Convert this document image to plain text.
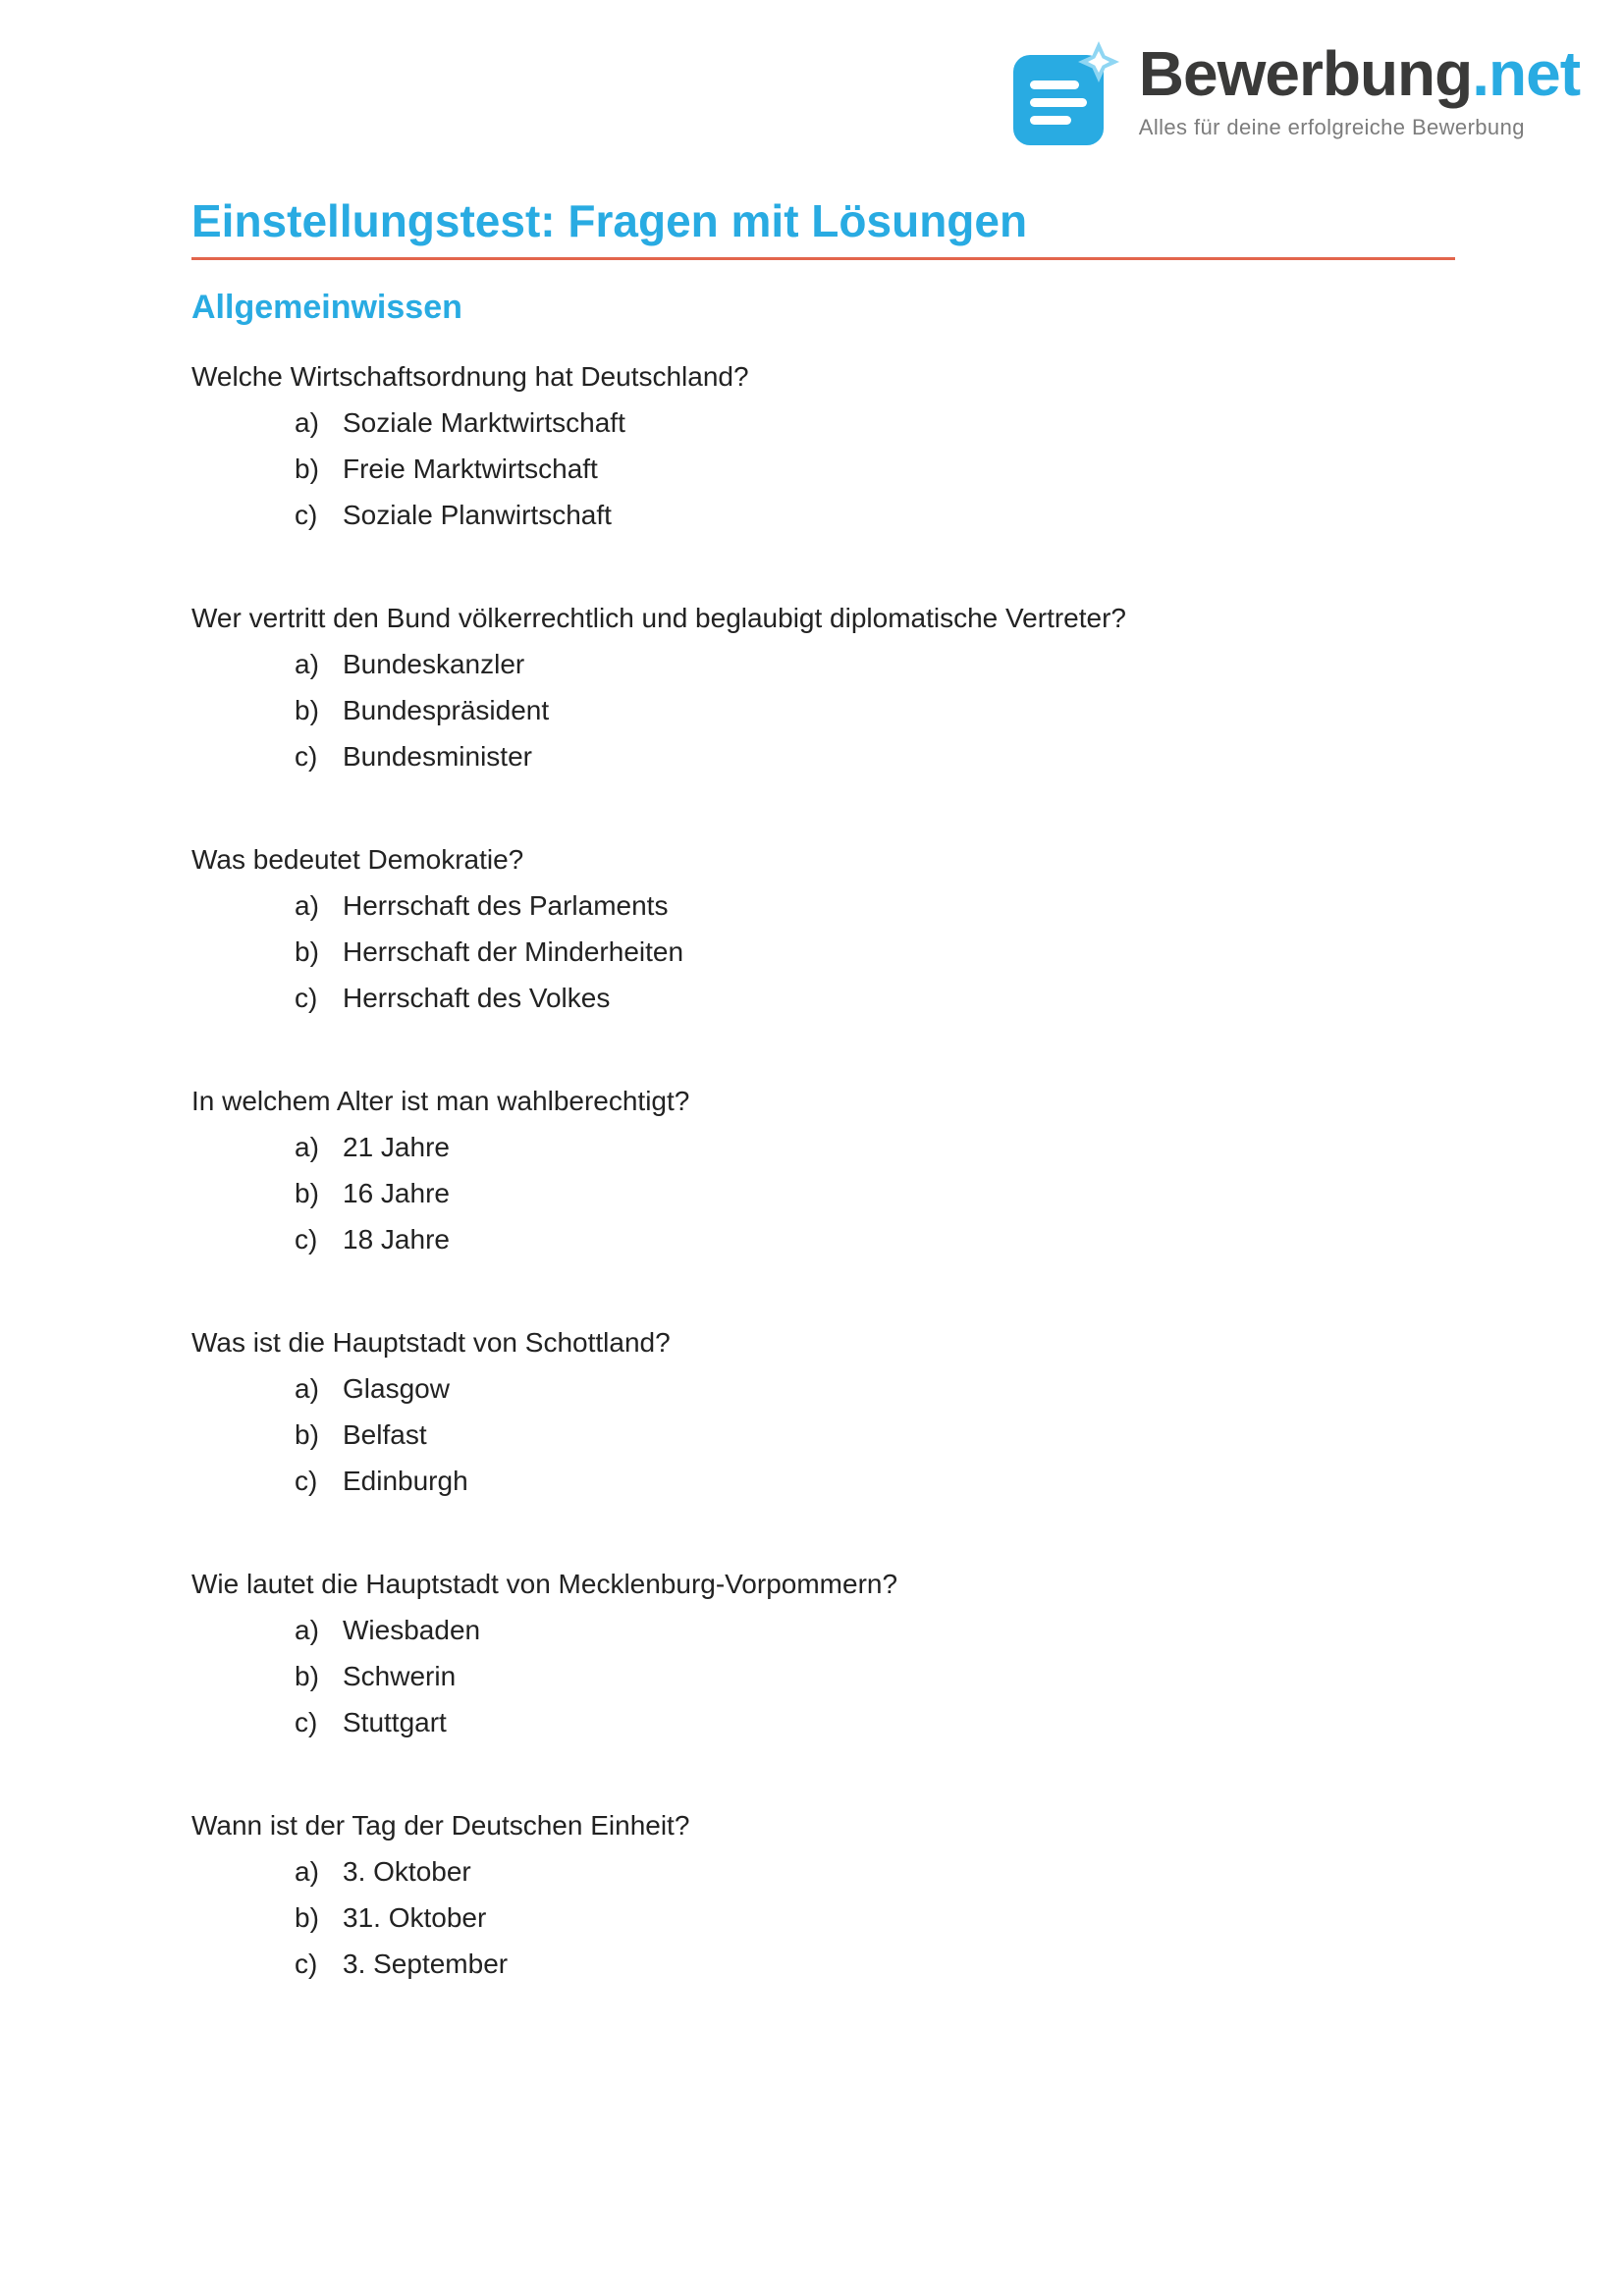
Bewerbung.net
Alles für deine erfolgreiche Bewerbung
Einstellungstest: Fragen mit Lösungen
Allgemeinwissen

Welche Wirtschaftsordnung hat Deutschland?

a) Soziale Marktwirtschaft
b) Freie Marktwirtschaft
c) Soziale Planwirtschaft

Wer vertritt den Bund völkerrechtlich und beglaubigt diplomatische Vertreter?

a) Bundeskanzler
b) Bundespräsident
c) Bundesminister

Was bedeutet Demokratie?

a) Herrschaft des Parlaments
b) Herrschaft der Minderheiten
c) Herrschaft des Volkes

In welchem Alter ist man wahlberechtigt?

a) 21 Jahre
b) 16 Jahre
c) 18 Jahre

Was ist die Hauptstadt von Schottland?

a) Glasgow
b) Belfast
c) Edinburgh

Wie lautet die Hauptstadt von Mecklenburg-Vorpommern?

a) Wiesbaden
b) Schwerin
c) Stuttgart

Wann ist der Tag der Deutschen Einheit?

a) 3. Oktober
b) 31. Oktober
c) 3. September
